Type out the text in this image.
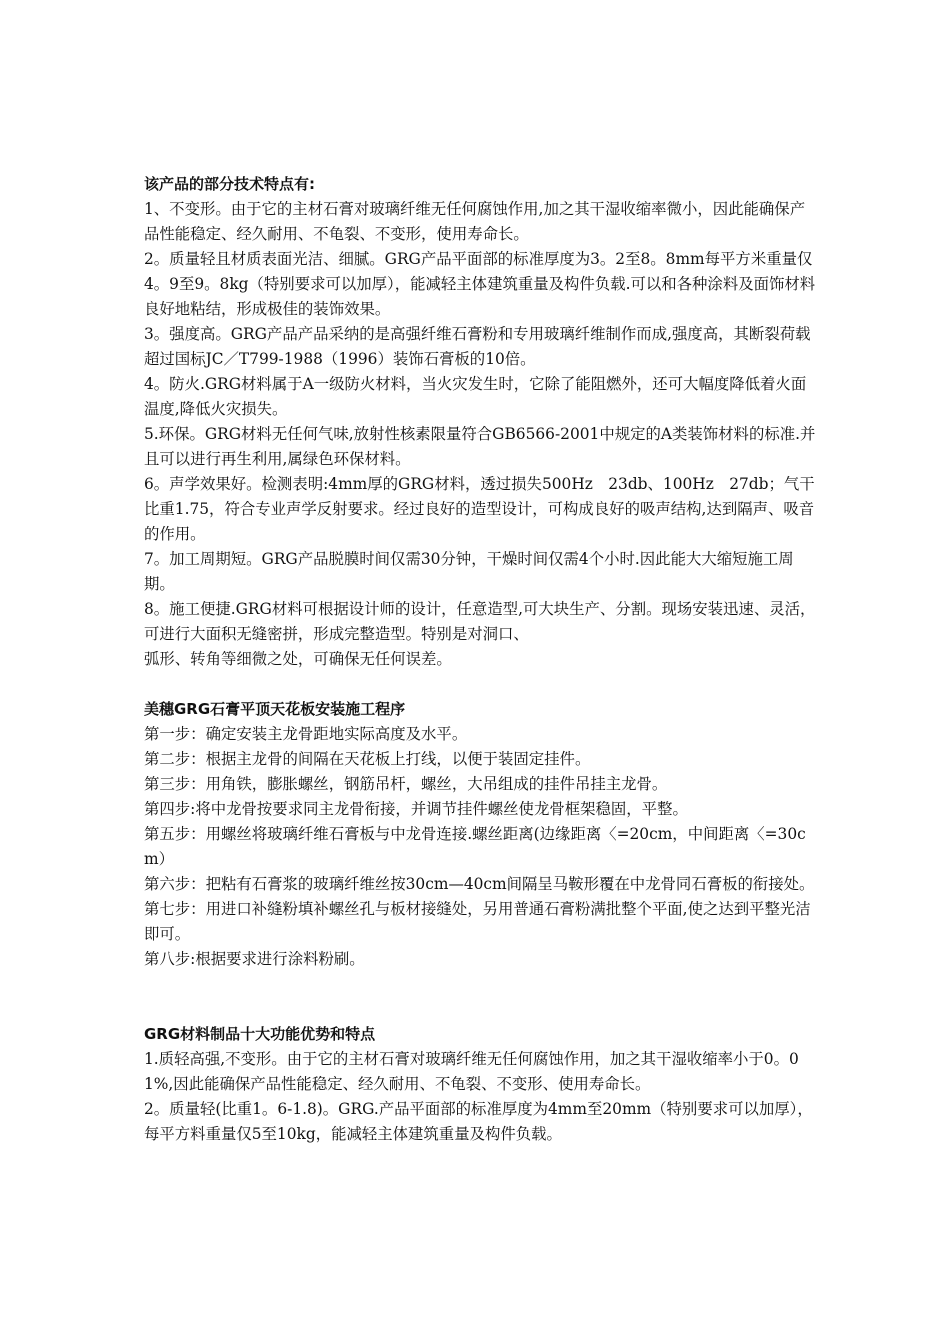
该产品的部分技术特点有:

1、不变形。由于它的主材石膏对玻璃纤维无任何腐蚀作用,加之其干湿收缩率微小，因此能确保产品性能稳定、经久耐用、不龟裂、不变形，使用寿命长。

2。质量轻且材质表面光洁、细腻。GRG产品平面部的标准厚度为3。2至8。8mm每平方米重量仅4。9至9。8kg（特别要求可以加厚），能减轻主体建筑重量及构件负载.可以和各种涂料及面饰材料良好地粘结，形成极佳的装饰效果。

3。强度高。GRG产品产品采纳的是高强纤维石膏粉和专用玻璃纤维制作而成,强度高，其断裂荷载超过国标JC／T799-1988（1996）装饰石膏板的10倍。

4。防火.GRG材料属于A一级防火材料，当火灾发生时，它除了能阻燃外，还可大幅度降低着火面温度,降低火灾损失。

5.环保。GRG材料无任何气味,放射性核素限量符合GB6566-2001中规定的A类装饰材料的标准.并且可以进行再生利用,属绿色环保材料。

6。声学效果好。检测表明:4mm厚的GRG材料，透过损失500Hz　23db、100Hz　27db；气干比重1.75，符合专业声学反射要求。经过良好的造型设计，可构成良好的吸声结构,达到隔声、吸音的作用。

7。加工周期短。GRG产品脱膜时间仅需30分钟，干燥时间仅需4个小时.因此能大大缩短施工周期。

8。施工便捷.GRG材料可根据设计师的设计，任意造型,可大块生产、分割。现场安装迅速、灵活，可进行大面积无缝密拼，形成完整造型。特别是对洞口、

弧形、转角等细微之处，可确保无任何误差。

美穗GRG石膏平顶天花板安装施工程序

第一步：确定安装主龙骨距地实际高度及水平。

第二步：根据主龙骨的间隔在天花板上打线，以便于装固定挂件。

第三步：用角铁，膨胀螺丝，钢筋吊杆，螺丝，大吊组成的挂件吊挂主龙骨。

第四步:将中龙骨按要求同主龙骨衔接，并调节挂件螺丝使龙骨框架稳固，平整。

第五步：用螺丝将玻璃纤维石膏板与中龙骨连接.螺丝距离(边缘距离〈=20cm，中间距离〈=30cm）

第六步：把粘有石膏浆的玻璃纤维丝按30cm—40cm间隔呈马鞍形覆在中龙骨同石膏板的衔接处。

第七步：用进口补缝粉填补螺丝孔与板材接缝处，另用普通石膏粉满批整个平面,使之达到平整光洁即可。

第八步:根据要求进行涂料粉刷。

GRG材料制品十大功能优势和特点

1.质轻高强,不变形。由于它的主材石膏对玻璃纤维无任何腐蚀作用，加之其干湿收缩率小于0。01%,因此能确保产品性能稳定、经久耐用、不龟裂、不变形、使用寿命长。

2。质量轻(比重1。6-1.8)。GRG.产品平面部的标准厚度为4mm至20mm（特别要求可以加厚），

每平方料重量仅5至10kg，能减轻主体建筑重量及构件负载。
